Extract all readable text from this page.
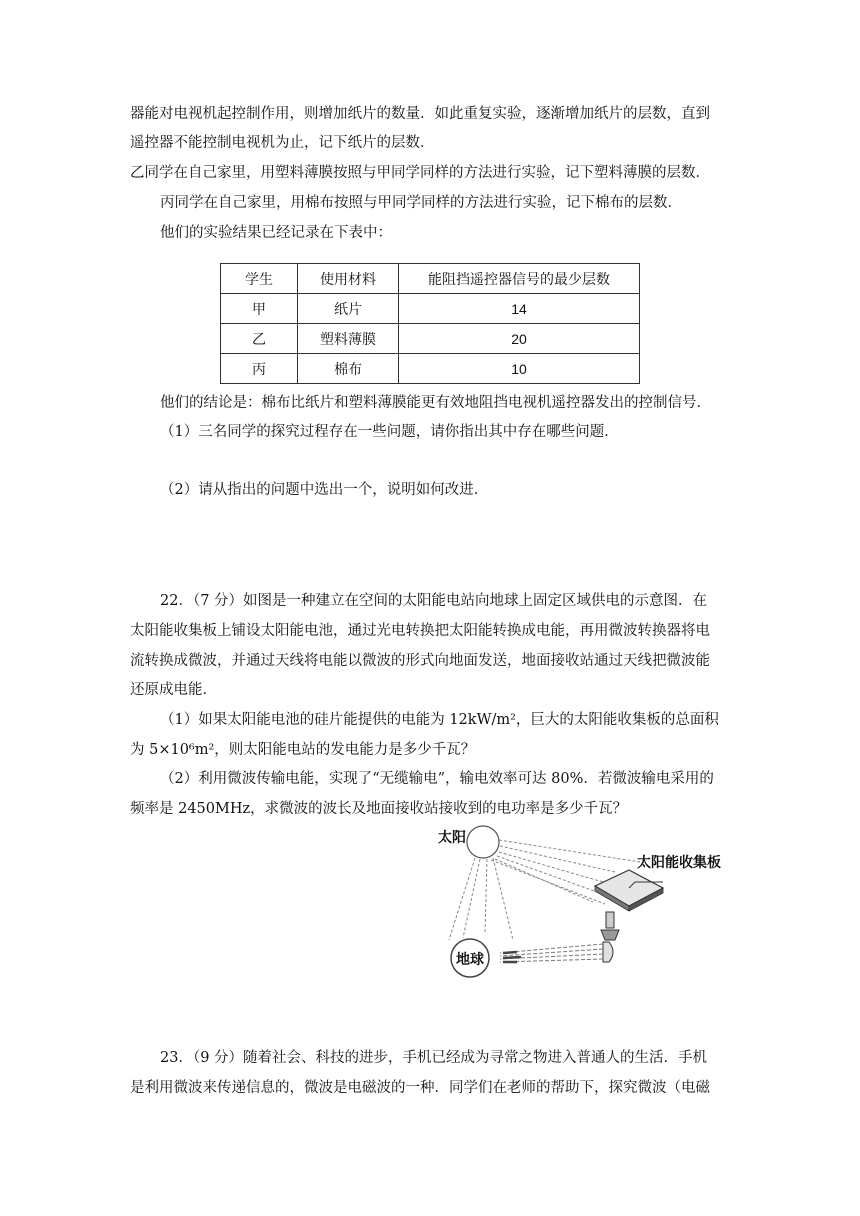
器能对电视机起控制作用，则增加纸片的数量．如此重复实验，逐渐增加纸片的层数，直到
遥控器不能控制电视机为止，记下纸片的层数．
乙同学在自己家里，用塑料薄膜按照与甲同学同样的方法进行实验，记下塑料薄膜的层数．
丙同学在自己家里，用棉布按照与甲同学同样的方法进行实验，记下棉布的层数．
他们的实验结果已经记录在下表中：
学生	使用材料	能阻挡遥控器信号的最少层数
甲	纸片	14
乙	塑料薄膜	20
丙	棉布	10
他们的结论是：棉布比纸片和塑料薄膜能更有效地阻挡电视机遥控器发出的控制信号．
（1）三名同学的探究过程存在一些问题，请你指出其中存在哪些问题．
（2）请从指出的问题中选出一个，说明如何改进．
22．（7 分）如图是一种建立在空间的太阳能电站向地球上固定区域供电的示意图．在
太阳能收集板上铺设太阳能电池，通过光电转换把太阳能转换成电能，再用微波转换器将电
流转换成微波，并通过天线将电能以微波的形式向地面发送，地面接收站通过天线把微波能
还原成电能．
（1）如果太阳能电池的硅片能提供的电能为 12kW/m²，巨大的太阳能收集板的总面积
为 5×10⁶m²，则太阳能电站的发电能力是多少千瓦？
（2）利用微波传输电能，实现了“无缆输电”，输电效率可达 80%．若微波输电采用的
频率是 2450MHz，求微波的波长及地面接收站接收到的电功率是多少千瓦？
太阳
太阳能收集板
地球
23．（9 分）随着社会、科技的进步，手机已经成为寻常之物进入普通人的生活．手机
是利用微波来传递信息的，微波是电磁波的一种．同学们在老师的帮助下，探究微波（电磁
